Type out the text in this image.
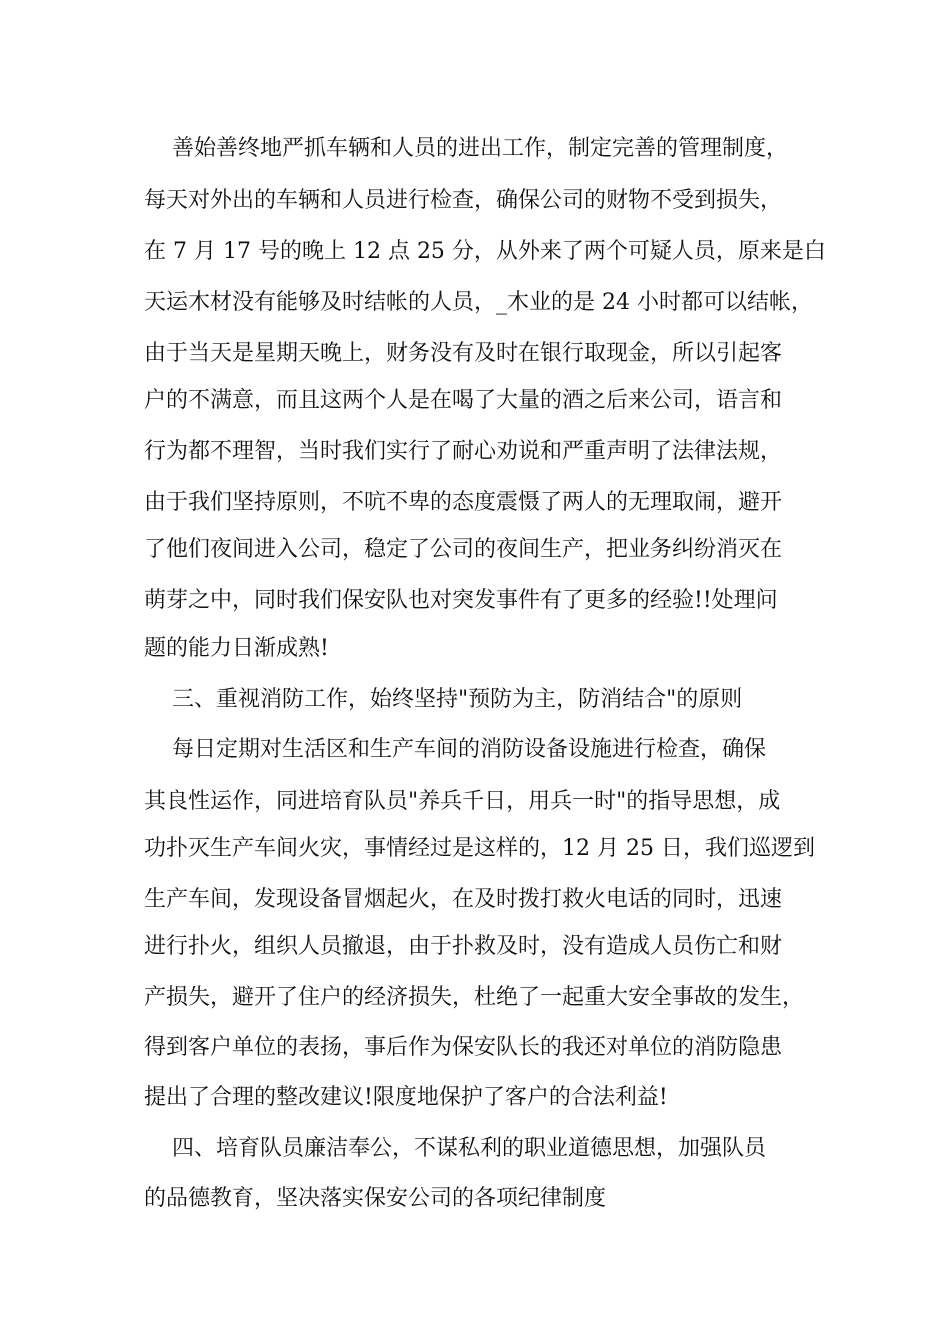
善始善终地严抓车辆和人员的进出工作，制定完善的管理制度，
每天对外出的车辆和人员进行检查，确保公司的财物不受到损失，
在 7 月 17 号的晚上 12 点 25 分，从外来了两个可疑人员，原来是白
天运木材没有能够及时结帐的人员，_木业的是 24 小时都可以结帐，
由于当天是星期天晚上，财务没有及时在银行取现金，所以引起客
户的不满意，而且这两个人是在喝了大量的酒之后来公司，语言和
行为都不理智，当时我们实行了耐心劝说和严重声明了法律法规，
由于我们坚持原则，不吭不卑的态度震慑了两人的无理取闹，避开
了他们夜间进入公司，稳定了公司的夜间生产，把业务纠纷消灭在
萌芽之中，同时我们保安队也对突发事件有了更多的经验!!处理问
题的能力日渐成熟!
三、重视消防工作，始终坚持"预防为主，防消结合"的原则
每日定期对生活区和生产车间的消防设备设施进行检查，确保
其良性运作，同进培育队员"养兵千日，用兵一时"的指导思想，成
功扑灭生产车间火灾，事情经过是这样的，12 月 25 日，我们巡逻到
生产车间，发现设备冒烟起火，在及时拨打救火电话的同时，迅速
进行扑火，组织人员撤退，由于扑救及时，没有造成人员伤亡和财
产损失，避开了住户的经济损失，杜绝了一起重大安全事故的发生，
得到客户单位的表扬，事后作为保安队长的我还对单位的消防隐患
提出了合理的整改建议!限度地保护了客户的合法利益!
四、培育队员廉洁奉公，不谋私利的职业道德思想，加强队员
的品德教育，坚决落实保安公司的各项纪律制度
